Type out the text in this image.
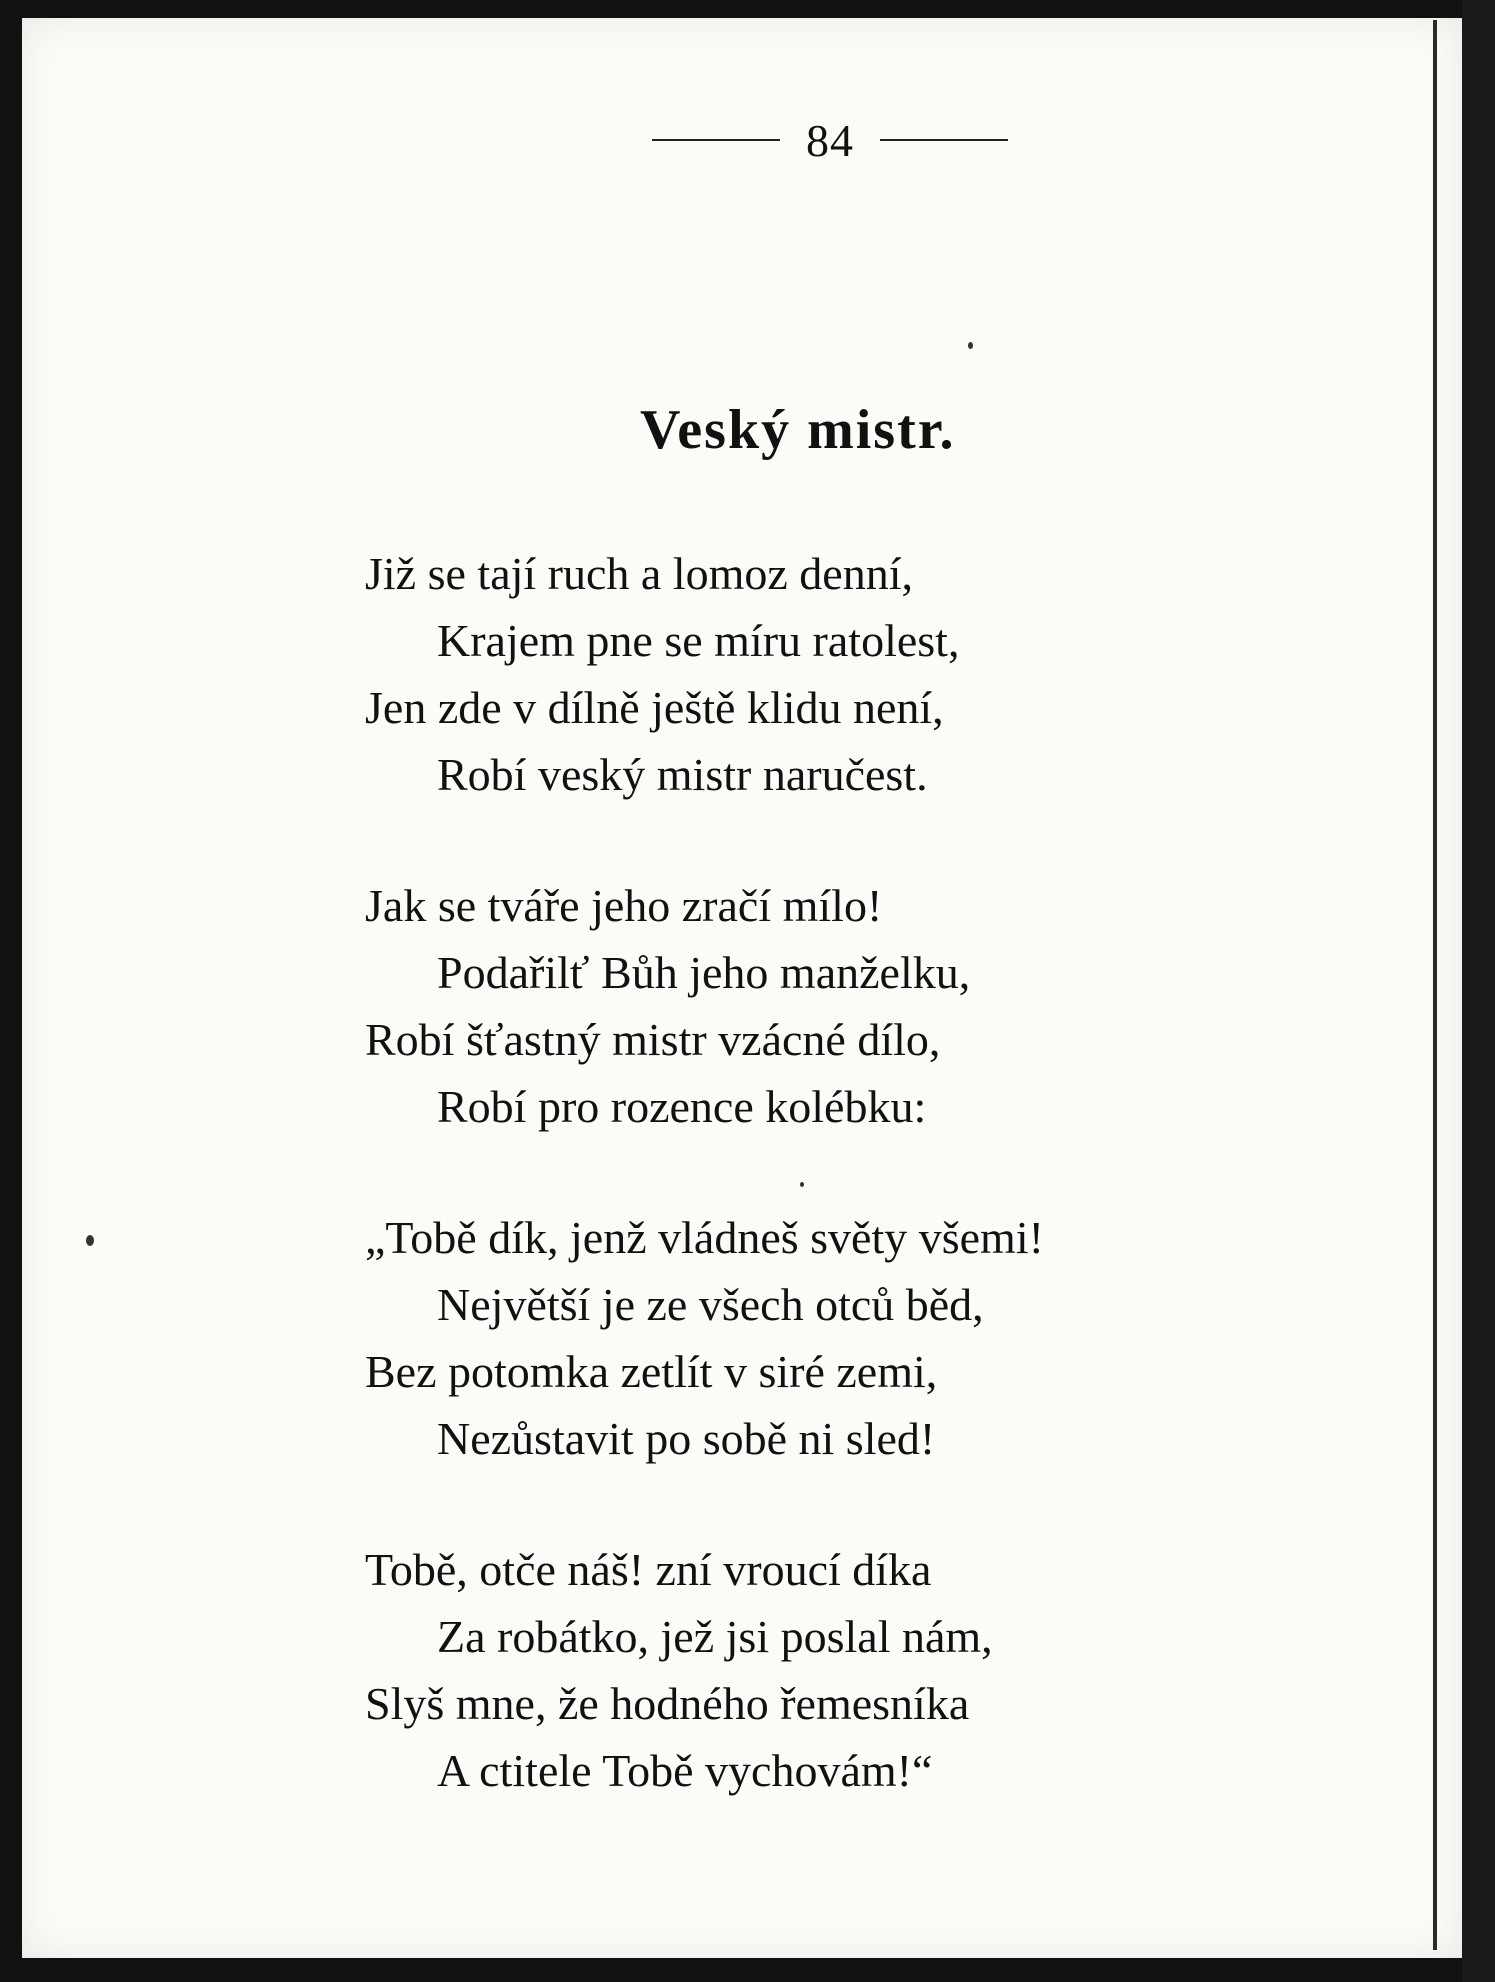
84
Veský mistr.
Již se tají ruch a lomoz denní,
Krajem pne se míru ratolest,
Jen zde v dílně ještě klidu není,
Robí veský mistr naručest.
Jak se tváře jeho zračí mílo!
Podařilť Bůh jeho manželku,
Robí šťastný mistr vzácné dílo,
Robí pro rozence kolébku:
„Tobě dík, jenž vládneš světy všemi!
Největší je ze všech otců běd,
Bez potomka zetlít v siré zemi,
Nezůstavit po sobě ni sled!
Tobě, otče náš! zní vroucí díka
Za robátko, jež jsi poslal nám,
Slyš mne, že hodného řemesníka
A ctitele Tobě vychovám!“
